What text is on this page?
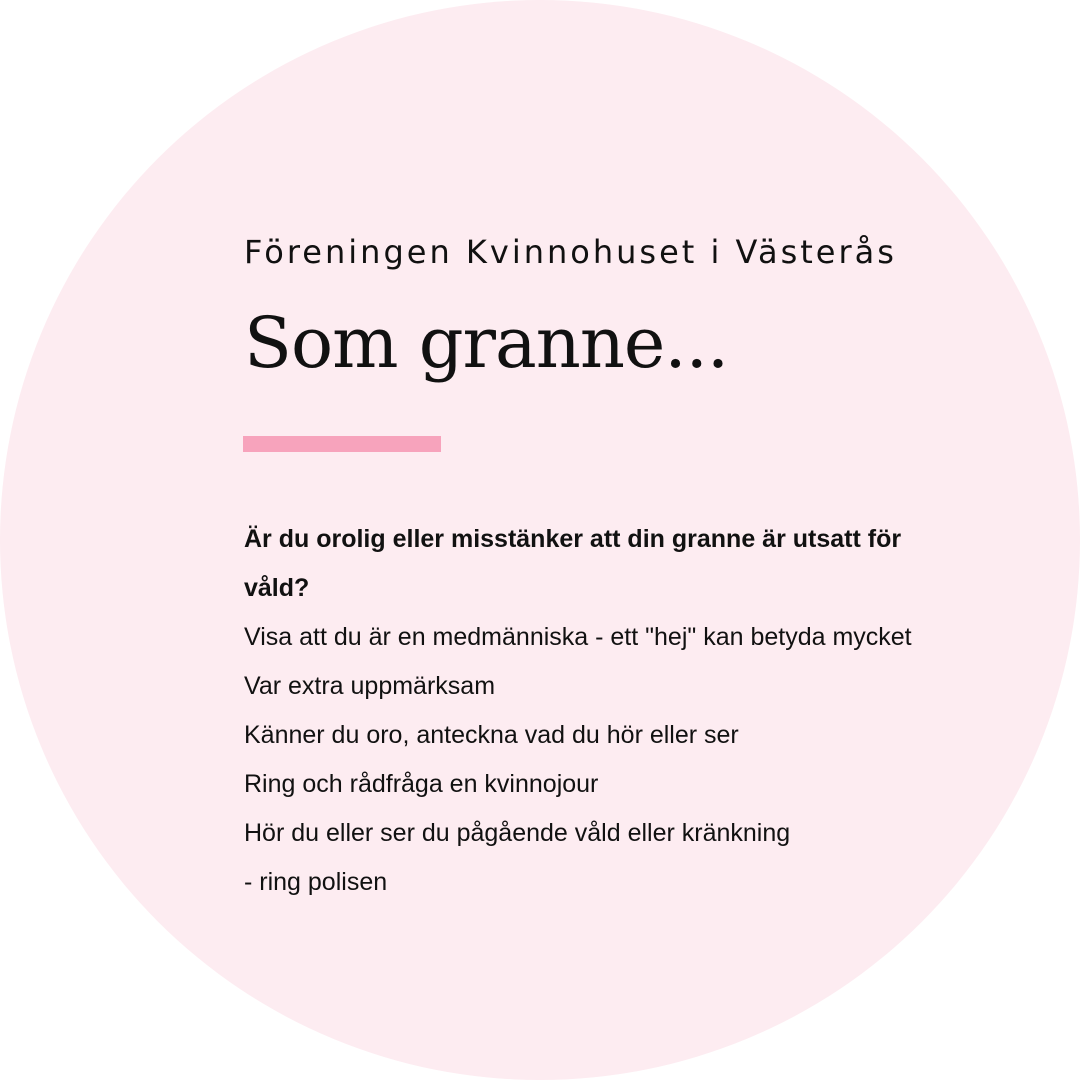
Föreningen Kvinnohuset i Västerås

Som granne...
Är du orolig eller misstänker att din granne är utsatt för våld?
Visa att du är en medmänniska - ett "hej" kan betyda mycket
Var extra uppmärksam
Känner du oro, anteckna vad du hör eller ser
Ring och rådfråga en kvinnojour
Hör du eller ser du pågående våld eller kränkning
- ring polisen
